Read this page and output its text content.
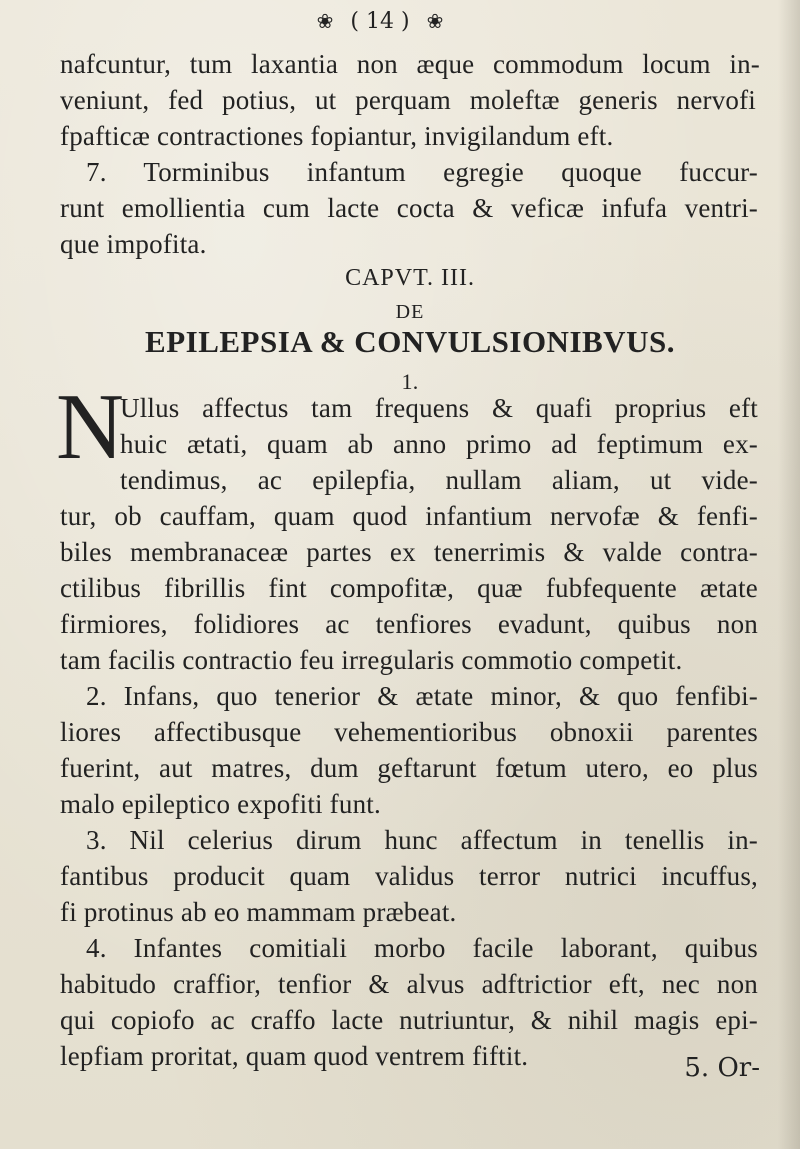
❀ ( 14 ) ❀
nafcuntur, tum laxantia non æque commodum locum in-
veniunt, fed potius, ut perquam moleftæ generis nervofi
fpafticæ contractiones fopiantur, invigilandum eft.
7. Torminibus infantum egregie quoque fuccur-
runt emollientia cum lacte cocta & veficæ infufa ventri-
que impofita.
CAPVT. III.
DE
EPILEPSIA & CONVULSIONIBVUS.
1.
N
Ullus affectus tam frequens & quafi proprius eft
huic ætati, quam ab anno primo ad feptimum ex-
tendimus, ac epilepfia, nullam aliam, ut vide-
tur, ob cauffam, quam quod infantium nervofæ & fenfi-
biles membranaceæ partes ex tenerrimis & valde contra-
ctilibus fibrillis fint compofitæ, quæ fubfequente ætate
firmiores, folidiores ac tenfiores evadunt, quibus non
tam facilis contractio feu irregularis commotio competit.
2. Infans, quo tenerior & ætate minor, & quo fenfibi-
liores affectibusque vehementioribus obnoxii parentes
fuerint, aut matres, dum geftarunt fœtum utero, eo plus
malo epileptico expofiti funt.
3. Nil celerius dirum hunc affectum in tenellis in-
fantibus producit quam validus terror nutrici incuffus,
fi protinus ab eo mammam præbeat.
4. Infantes comitiali morbo facile laborant, quibus
habitudo craffior, tenfior & alvus adftrictior eft, nec non
qui copiofo ac craffo lacte nutriuntur, & nihil magis epi-
lepfiam proritat, quam quod ventrem fiftit.	5. Or-
